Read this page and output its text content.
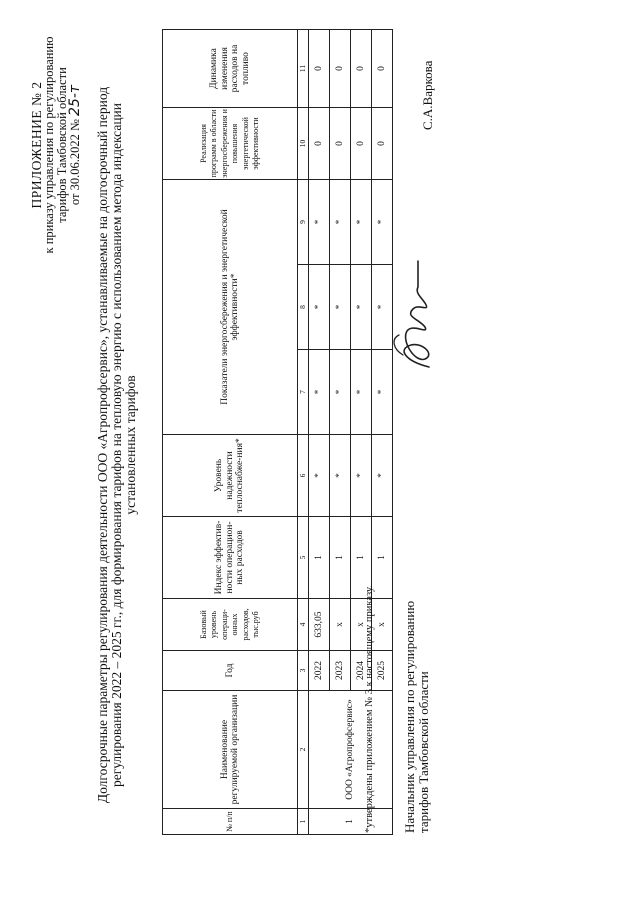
ПРИЛОЖЕНИЕ № 2
к приказу управления по регулированию тарифов Тамбовской области от 30.06.2022 № 25-т Долгосрочные параметры регулирования деятельности ООО «Агропрофсервис», устанавливаемые на долгосрочный период регулирования 2022 – 2025 гг., для формирования тарифов на тепловую энергию с использованием метода индексации установленных тарифов
№ п/п	Наименование регулируемой организации	Год	Базовый уровень операци-онных расходов, тыс.руб	Индекс эффектив-ности операцион-ных расходов	Уровень надежности теплоснабже-ния*	Показатели энергосбережения и энергетической эффективности*			Реализация программ в области энергосбережения и повышения энергетической эффективности	Динамика изменения расходов на топливо
1	2	3	4	5	6	7	8	9	10	11
1	ООО «Агропрофсервис»	2022	633,05	1	*	*	*	*	0	0
		2023	x	1	*	*	*	*	0	0
		2024	x	1	*	*	*	*	0	0
		2025	x	1	*	*	*	*	0	0
*утверждены приложением № 3 к настоящему приказу. Начальник управления по регулированию
тарифов Тамбовской области
С.А.Варкова
